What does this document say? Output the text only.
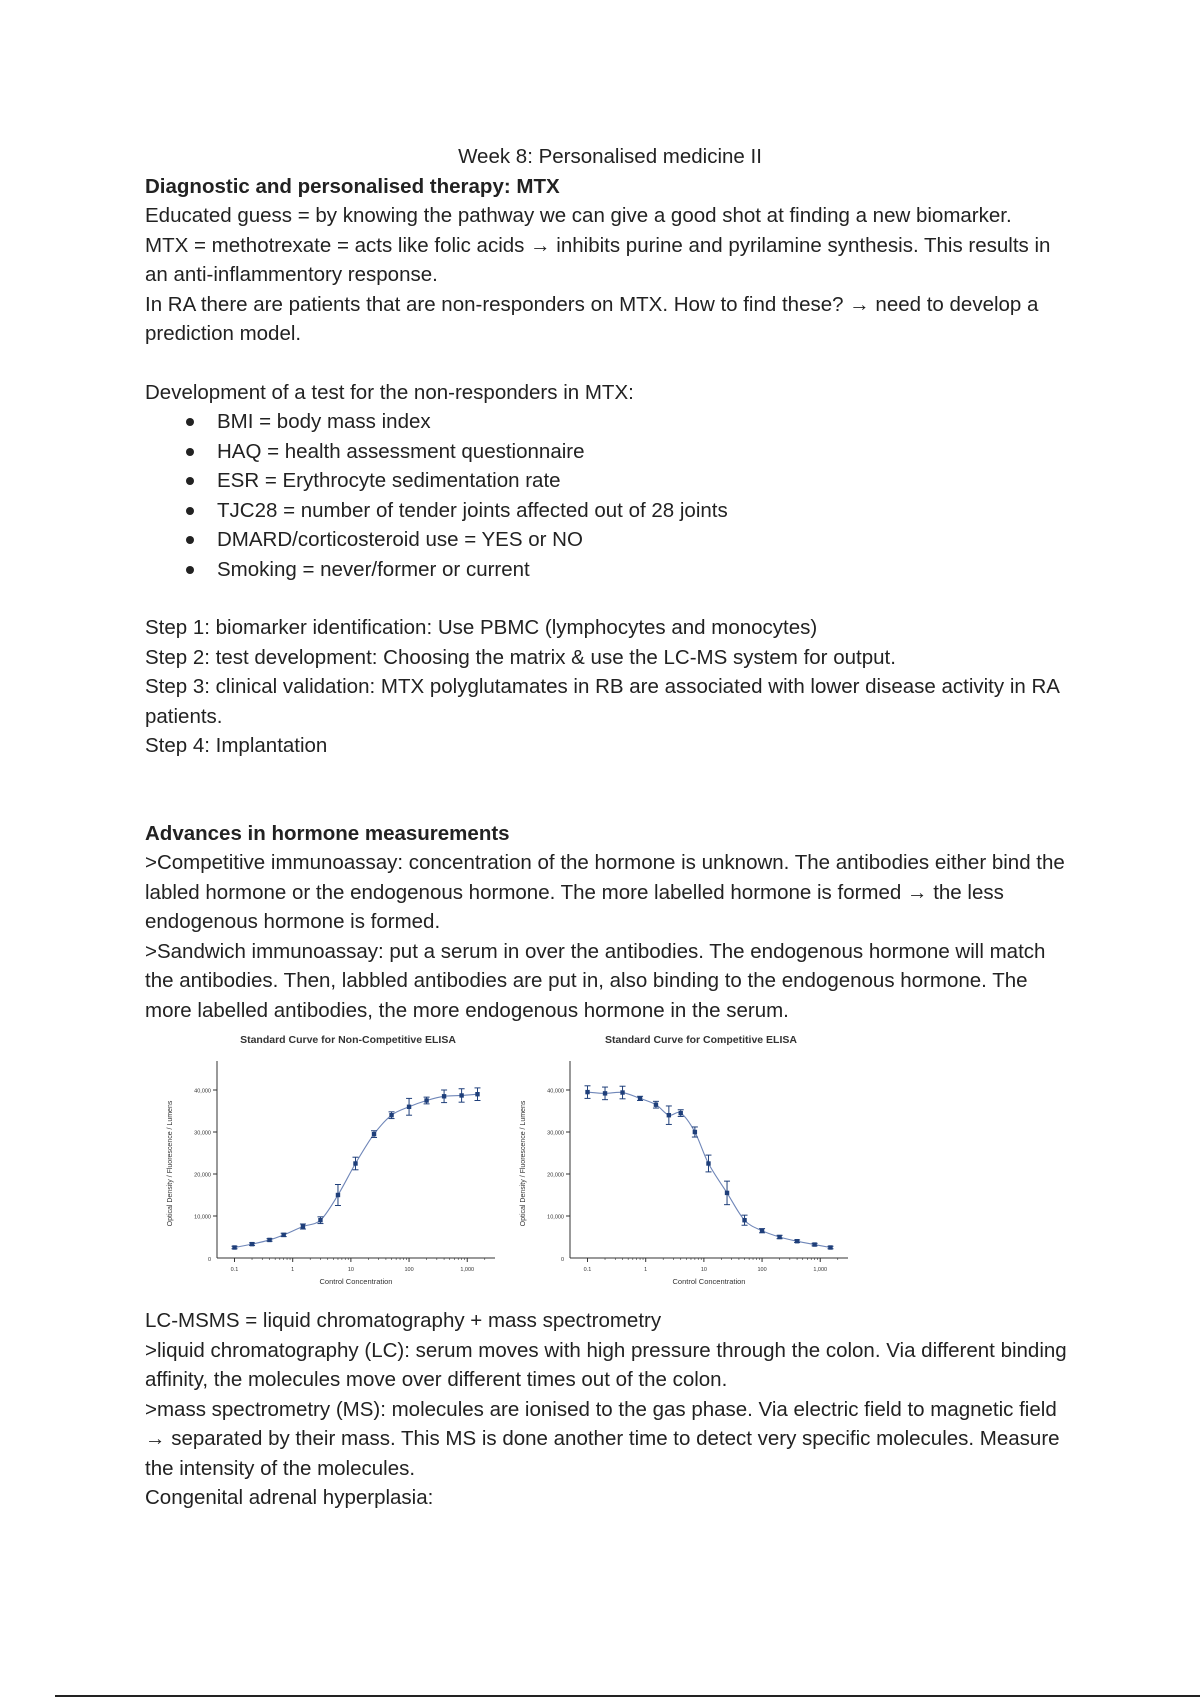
Week 8: Personalised medicine II

Diagnostic and personalised therapy: MTX

Educated guess = by knowing the pathway we can give a good shot at finding a new biomarker.

MTX = methotrexate = acts like folic acids → inhibits purine and pyrilamine synthesis. This results in an anti-inflammentory response.

In RA there are patients that are non-responders on MTX. How to find these? → need to develop a prediction model.

Development of a test for the non-responders in MTX:

BMI = body mass index
HAQ = health assessment questionnaire
ESR = Erythrocyte sedimentation rate
TJC28 = number of tender joints affected out of 28 joints
DMARD/corticosteroid use = YES or NO
Smoking = never/former or current

Step 1: biomarker identification: Use PBMC (lymphocytes and monocytes)

Step 2: test development: Choosing the matrix & use the LC-MS system for output.

Step 3: clinical validation: MTX polyglutamates in RB are associated with lower disease activity in RA patients.

Step 4: Implantation

Advances in hormone measurements

>Competitive immunoassay: concentration of the hormone is unknown. The antibodies either bind the labled hormone or the endogenous hormone. The more labelled hormone is formed → the less endogenous hormone is formed.

>Sandwich immunoassay: put a serum in over the antibodies. The endogenous hormone will match the antibodies. Then, labbled antibodies are put in, also binding to the endogenous hormone. The more labelled antibodies, the more endogenous hormone in the serum.

Standard Curve for Non-Competitive ELISA
10,000
20,000
30,000
40,000
0
0.1	1	10	100	1,000
Control Concentration
Optical Density / Fluorescence / Lumens
Standard Curve for Competitive ELISA
10,000
20,000
30,000
40,000
0
0.1	1	10	100	1,000
Control Concentration
Optical Density / Fluorescence / Lumens

LC-MSMS = liquid chromatography + mass spectrometry

>liquid chromatography (LC): serum moves with high pressure through the colon. Via different binding affinity, the molecules move over different times out of the colon.

>mass spectrometry (MS): molecules are ionised to the gas phase. Via electric field to magnetic field → separated by their mass. This MS is done another time to detect very specific molecules. Measure the intensity of the molecules.

Congenital adrenal hyperplasia:
